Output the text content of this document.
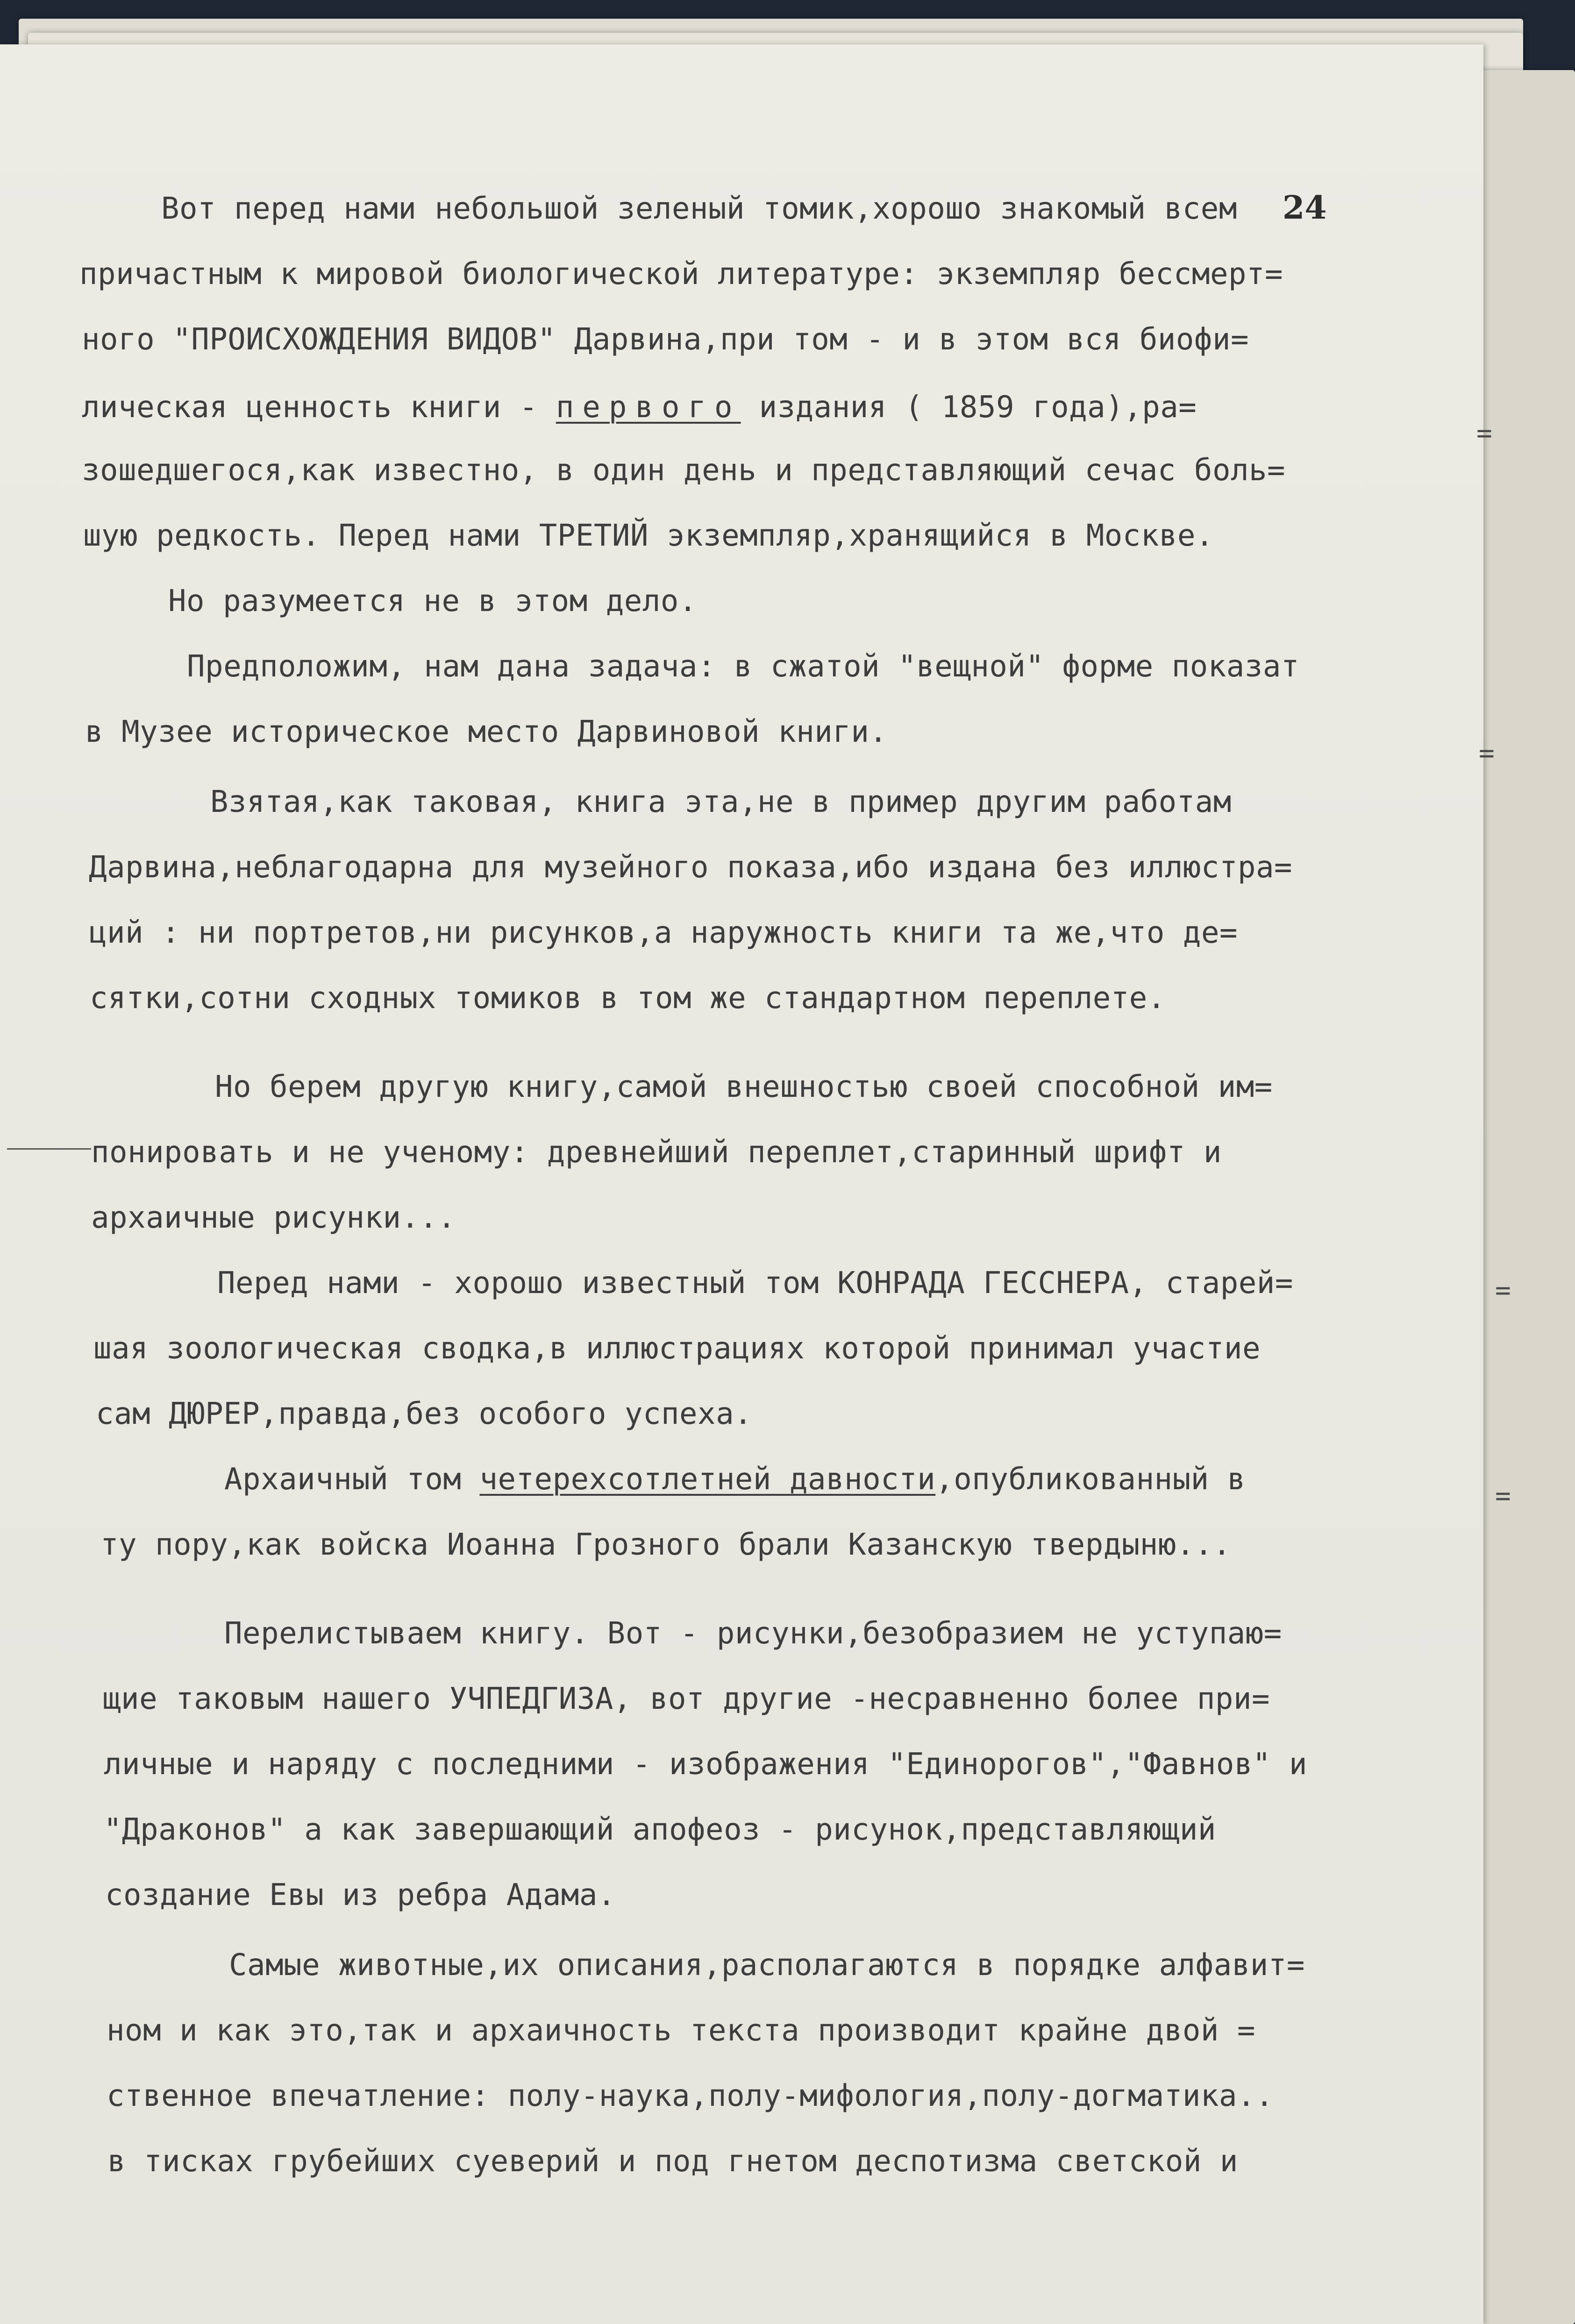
24
Вот перед нами небольшой зеленый томик,хорошо знакомый всем
причастным к мировой биологической литературе: экземпляр бессмерт=
ного "ПРОИСХОЖДЕНИЯ ВИДОВ" Дарвина,при том - и в этом вся биофи=
лическая ценность книги - первого издания ( 1859 года),ра=
зошедшегося,как известно, в один день и представляющий сечас боль=
шую редкость. Перед нами ТРЕТИЙ экземпляр,хранящийся в Москве.
Но разумеется не в этом дело.
Предположим, нам дана задача: в сжатой "вещной" форме показат
в Музее историческое место Дарвиновой книги.
Взятая,как таковая, книга эта,не в пример другим работам
Дарвина,неблагодарна для музейного показа,ибо издана без иллюстра=
ций : ни портретов,ни рисунков,а наружность книги та же,что де=
сятки,сотни сходных томиков в том же стандартном переплете.
Но берем другую книгу,самой внешностью своей способной им=
понировать и не ученому: древнейший переплет,старинный шрифт и
архаичные рисунки...
Перед нами - хорошо известный том КОНРАДА ГЕССНЕРА, старей=
шая зоологическая сводка,в иллюстрациях которой принимал участие
сам ДЮРЕР,правда,без особого успеха.
Архаичный том четерехсотлетней давности,опубликованный в
ту пору,как войска Иоанна Грозного брали Казанскую твердыню...
Перелистываем книгу. Вот - рисунки,безобразием не уступаю=
щие таковым нашего УЧПЕДГИЗА, вот другие -несравненно более при=
личные и наряду с последними - изображения "Единорогов","Фавнов" и
"Драконов" а как завершающий апофеоз - рисунок,представляющий
создание Евы из ребра Адама.
Самые животные,их описания,располагаются в порядке алфавит=
ном и как это,так и архаичность текста производит крайне двой =
ственное впечатление: полу-наука,полу-мифология,полу-догматика..
в тисках грубейших суеверий и под гнетом деспотизма светской и
=
=
=
=
